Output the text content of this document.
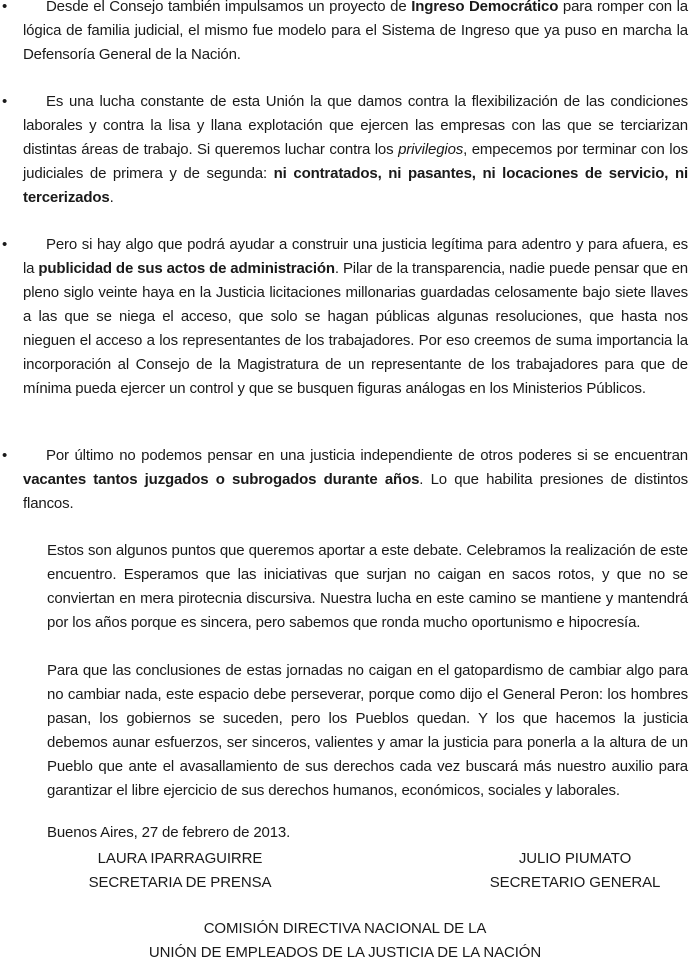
•	Desde el Consejo también impulsamos un proyecto de Ingreso Democrático para romper con la lógica de familia judicial, el mismo fue modelo para el Sistema de Ingreso que ya puso en marcha la Defensoría General de la Nación.

•	Es una lucha constante de esta Unión la que damos contra la flexibilización de las condiciones laborales y contra la lisa y llana explotación que ejercen las empresas con las que se terciarizan distintas áreas de trabajo. Si queremos luchar contra los privilegios, empecemos por terminar con los judiciales de primera y de segunda: ni contratados, ni pasantes, ni locaciones de servicio, ni tercerizados.

•	Pero si hay algo que podrá ayudar a construir una justicia legítima para adentro y para afuera, es la publicidad de sus actos de administración. Pilar de la transparencia, nadie puede pensar que en pleno siglo veinte haya en la Justicia licitaciones millonarias guardadas celosamente bajo siete llaves a las que se niega el acceso, que solo se hagan públicas algunas resoluciones, que hasta nos nieguen el acceso a los representantes de los trabajadores. Por eso creemos de suma importancia la incorporación al Consejo de la Magistratura de un representante de los trabajadores para que de mínima pueda ejercer un control y que se busquen figuras análogas en los Ministerios Públicos.

•	Por último no podemos pensar en una justicia independiente de otros poderes si se encuentran vacantes tantos juzgados o subrogados durante años. Lo que habilita presiones de distintos flancos.

Estos son algunos puntos que queremos aportar a este debate. Celebramos la realización de este encuentro. Esperamos que las iniciativas que surjan no caigan en sacos rotos, y que no se conviertan en mera pirotecnia discursiva. Nuestra lucha en este camino se mantiene y mantendrá por los años porque es sincera, pero sabemos que ronda mucho oportunismo e hipocresía.

Para que las conclusiones de estas jornadas no caigan en el gatopardismo de cambiar algo para no cambiar nada, este espacio debe perseverar, porque como dijo el General Peron: los hombres pasan, los gobiernos se suceden, pero los Pueblos quedan. Y los que hacemos la justicia debemos aunar esfuerzos, ser sinceros, valientes y amar la justicia para ponerla a la altura de un Pueblo que ante el avasallamiento de sus derechos cada vez buscará más nuestro auxilio para garantizar el libre ejercicio de sus derechos humanos, económicos, sociales y laborales.

Buenos Aires, 27 de febrero de 2013.

LAURA IPARRAGUIRRE

SECRETARIA DE PRENSA

JULIO PIUMATO

SECRETARIO GENERAL

COMISIÓN DIRECTIVA NACIONAL DE LA

UNIÓN DE EMPLEADOS DE LA JUSTICIA DE LA NACIÓN
